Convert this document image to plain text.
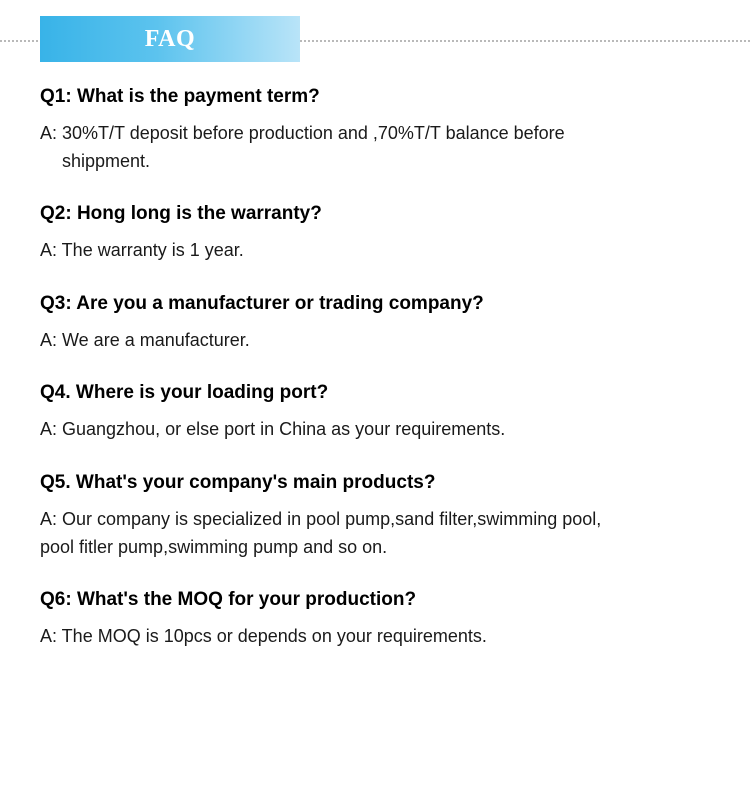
FAQ

Q1: What is the payment term?

A: 30%T/T deposit before production and ,70%T/T balance before
shippment.

Q2: Hong long is the warranty?

A: The warranty is 1 year.

Q3: Are you a manufacturer or trading company?

A: We are a manufacturer.

Q4. Where is your loading port?

A: Guangzhou, or else port in China as your requirements.

Q5. What's your company's main products?

A: Our company is specialized in pool pump,sand filter,swimming pool,
pool fitler pump,swimming pump and so on.

Q6: What's the MOQ for your production?

A: The MOQ is 10pcs or depends on your requirements.
